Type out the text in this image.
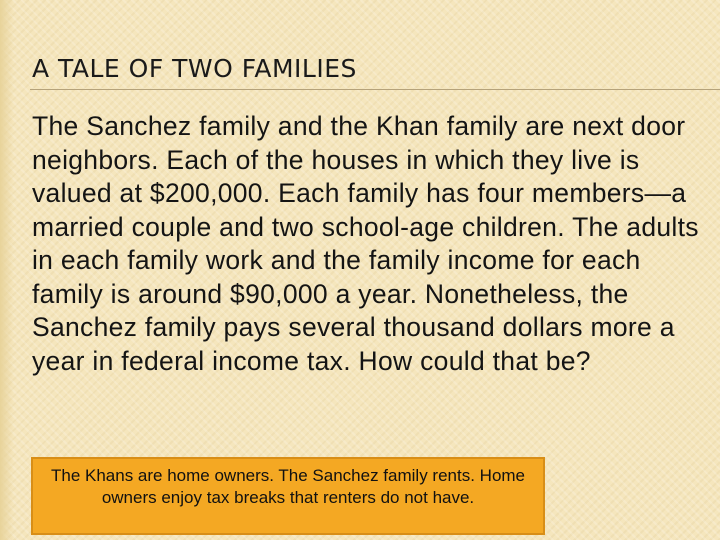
A TALE OF TWO FAMILIES

The Sanchez family and the Khan family are next door neighbors. Each of the houses in which they live is valued at $200,000. Each family has four members—a married couple and two school-age children. The adults in each family work and the family income for each family is around $90,000 a year. Nonetheless, the Sanchez family pays several thousand dollars more a year in federal income tax. How could that be?

The Khans are home owners. The Sanchez family rents. Home owners enjoy tax breaks that renters do not have.
